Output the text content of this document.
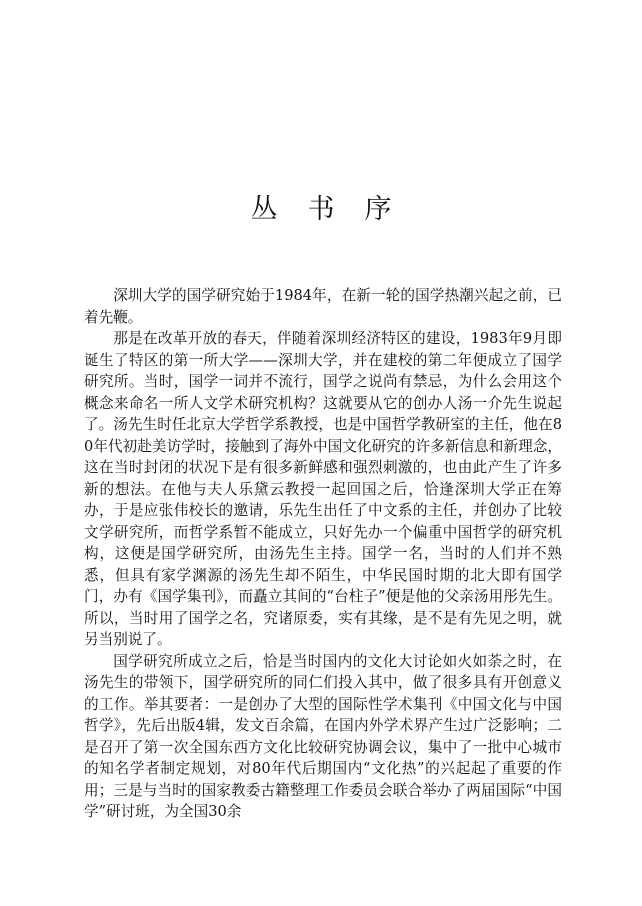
丛书序

深圳大学的国学研究始于1984年，在新一轮的国学热潮兴起之前，已着先鞭。

那是在改革开放的春天，伴随着深圳经济特区的建设，1983年9月即诞生了特区的第一所大学——深圳大学，并在建校的第二年便成立了国学研究所。当时，国学一词并不流行，国学之说尚有禁忌，为什么会用这个概念来命名一所人文学术研究机构？这就要从它的创办人汤一介先生说起了。汤先生时任北京大学哲学系教授，也是中国哲学教研室的主任，他在80年代初赴美访学时，接触到了海外中国文化研究的许多新信息和新理念，这在当时封闭的状况下是有很多新鲜感和强烈刺激的，也由此产生了许多新的想法。在他与夫人乐黛云教授一起回国之后，恰逢深圳大学正在筹办，于是应张伟校长的邀请，乐先生出任了中文系的主任，并创办了比较文学研究所，而哲学系暂不能成立，只好先办一个偏重中国哲学的研究机构，这便是国学研究所，由汤先生主持。国学一名，当时的人们并不熟悉，但具有家学渊源的汤先生却不陌生，中华民国时期的北大即有国学门，办有《国学集刊》，而矗立其间的“台柱子”便是他的父亲汤用彤先生。所以，当时用了国学之名，究诸原委，实有其缘，是不是有先见之明，就另当别说了。

国学研究所成立之后，恰是当时国内的文化大讨论如火如荼之时，在汤先生的带领下，国学研究所的同仁们投入其中，做了很多具有开创意义的工作。举其要者：一是创办了大型的国际性学术集刊《中国文化与中国哲学》，先后出版4辑，发文百余篇，在国内外学术界产生过广泛影响；二是召开了第一次全国东西方文化比较研究协调会议，集中了一批中心城市的知名学者制定规划，对80年代后期国内“文化热”的兴起起了重要的作用；三是与当时的国家教委古籍整理工作委员会联合举办了两届国际“中国学”研讨班，为全国30余
